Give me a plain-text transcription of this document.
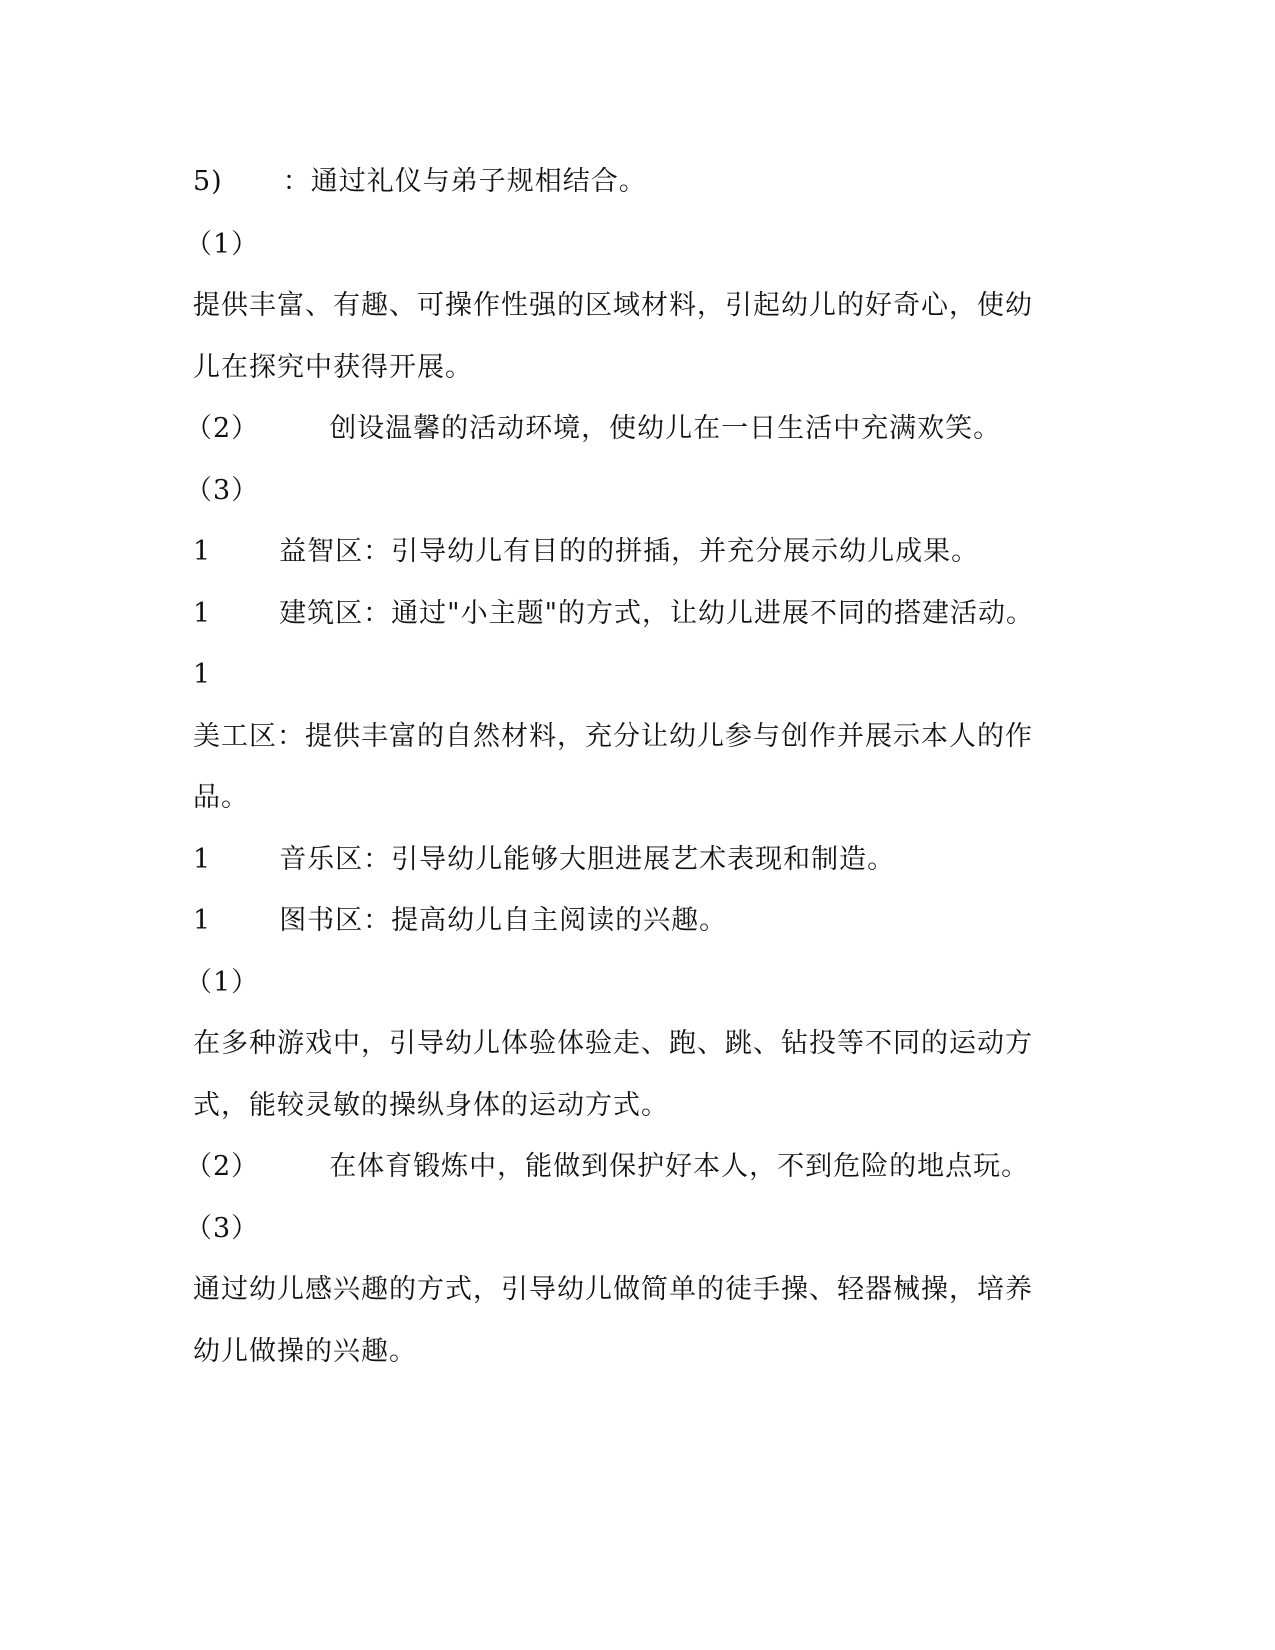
5) ：通过礼仪与弟子规相结合。
（1）
提供丰富、有趣、可操作性强的区域材料，引起幼儿的好奇心，使幼
儿在探究中获得开展。
（2）	创设温馨的活动环境，使幼儿在一日生活中充满欢笑。
（3）
1	益智区：引导幼儿有目的的拼插，并充分展示幼儿成果。
1	建筑区：通过"小主题"的方式，让幼儿进展不同的搭建活动。
1
美工区：提供丰富的自然材料，充分让幼儿参与创作并展示本人的作
品。
1	音乐区：引导幼儿能够大胆进展艺术表现和制造。
1	图书区：提高幼儿自主阅读的兴趣。
（1）
在多种游戏中，引导幼儿体验体验走、跑、跳、钻投等不同的运动方
式，能较灵敏的操纵身体的运动方式。
（2）	在体育锻炼中，能做到保护好本人，不到危险的地点玩。
（3）
通过幼儿感兴趣的方式，引导幼儿做简单的徒手操、轻器械操，培养
幼儿做操的兴趣。
